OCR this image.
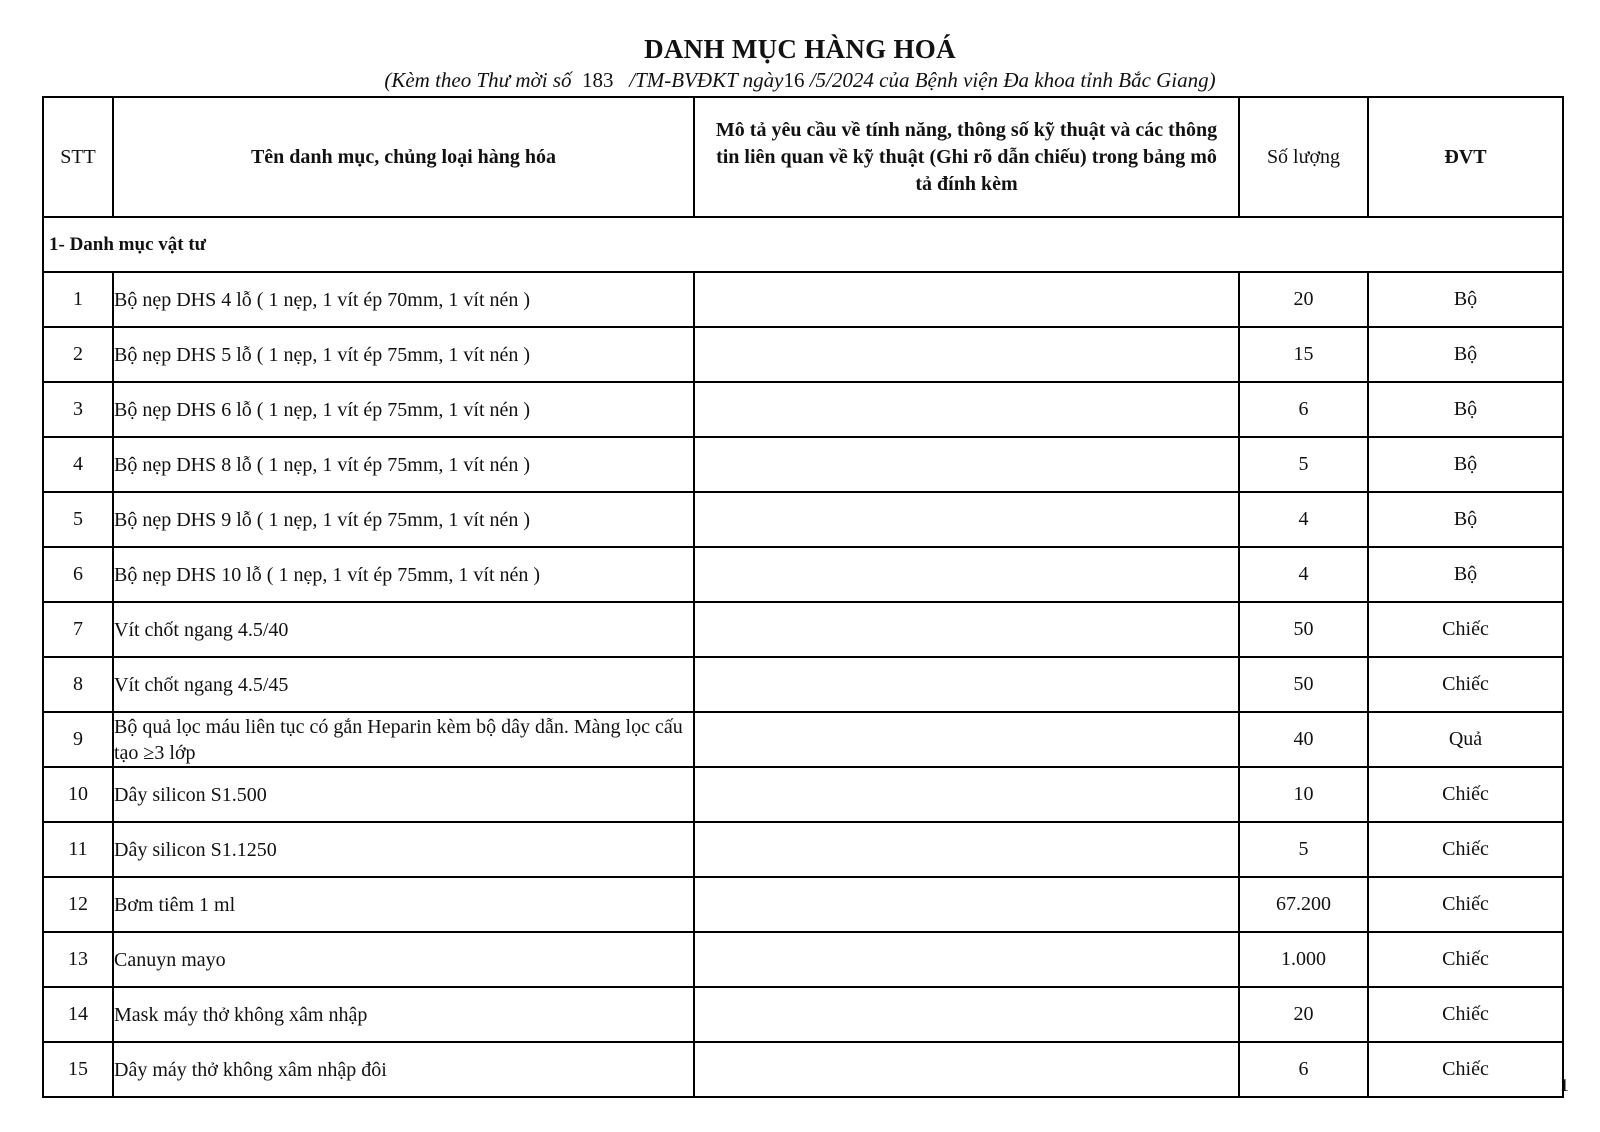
DANH MỤC HÀNG HOÁ
(Kèm theo Thư mời số 183 /TM-BVĐKT ngày16 /5/2024 của Bệnh viện Đa khoa tỉnh Bắc Giang)
STT	Tên danh mục, chủng loại hàng hóa	Mô tả yêu cầu về tính năng, thông số kỹ thuật và các thông tin liên quan về kỹ thuật (Ghi rõ dẫn chiếu) trong bảng mô tả đính kèm	Số lượng	ĐVT
1- Danh mục vật tư				
1	Bộ nẹp DHS 4 lỗ ( 1 nẹp, 1 vít ép 70mm, 1 vít nén )		20	Bộ
2	Bộ nẹp DHS 5 lỗ ( 1 nẹp, 1 vít ép 75mm, 1 vít nén )		15	Bộ
3	Bộ nẹp DHS 6 lỗ ( 1 nẹp, 1 vít ép 75mm, 1 vít nén )		6	Bộ
4	Bộ nẹp DHS 8 lỗ ( 1 nẹp, 1 vít ép 75mm, 1 vít nén )		5	Bộ
5	Bộ nẹp DHS 9 lỗ ( 1 nẹp, 1 vít ép 75mm, 1 vít nén )		4	Bộ
6	Bộ nẹp DHS 10 lỗ ( 1 nẹp, 1 vít ép 75mm, 1 vít nén )		4	Bộ
7	Vít chốt ngang 4.5/40		50	Chiếc
8	Vít chốt ngang 4.5/45		50	Chiếc
9	Bộ quả lọc máu liên tục có gắn Heparin kèm bộ dây dẫn. Màng lọc cấu tạo ≥3 lớp		40	Quả
10	Dây silicon S1.500		10	Chiếc
11	Dây silicon S1.1250		5	Chiếc
12	Bơm tiêm 1 ml		67.200	Chiếc
13	Canuyn mayo		1.000	Chiếc
14	Mask máy thở không xâm nhập		20	Chiếc
15	Dây máy thở không xâm nhập đôi		6	Chiếc
1
